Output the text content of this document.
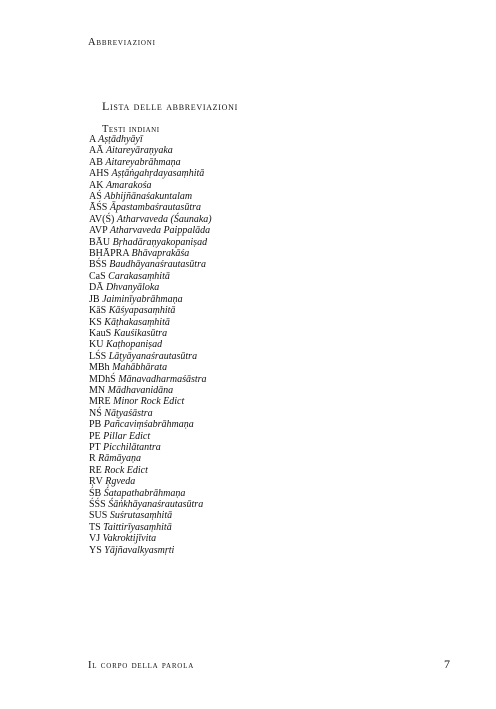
Abbreviazioni
Lista delle abbreviazioni
Testi indiani
A Aṣṭādhyāyī
AĀ Aitareyāraṇyaka
AB Aitareyabrāhmaṇa
AHS Aṣṭāṅgahṛdayasaṃhitā
AK Amarakośa
AŚ Abhijñānaśakuntalam
ĀŚS Āpastambaśrautasūtra
AV(Ś) Atharvaveda (Śaunaka)
AVP Atharvaveda Paippalāda
BĀU Bṛhadāraṇyakopaniṣad
BHĀPRA Bhāvaprakāśa
BŚS Baudhāyanaśrautasūtra
CaS Carakasaṃhitā
DĀ Dhvanyāloka
JB Jaiminīyabrāhmaṇa
KāS Kāśyapasaṃhitā
KS Kāṭhakasaṃhitā
KauS Kauśikasūtra
KU Kaṭhopaniṣad
LŚS Lāṭyāyanaśrautasūtra
MBh Mahābhārata
MDhŚ Mānavadharmaśāstra
MN Mādhavanidāna
MRE Minor Rock Edict
NŚ Nāṭyaśāstra
PB Pañcaviṃśabrāhmaṇa
PE Pillar Edict
PT Picchilātantra
R Rāmāyaṇa
RE Rock Edict
ṚV Ṛgveda
ŚB Śatapathabrāhmaṇa
ŚŚS Śāṅkhāyanaśrautasūtra
SUS Suśrutasaṃhitā
TS Taittirīyasaṃhitā
VJ Vakroktijīvita
YS Yājñavalkyasmṛti
Il corpo della parola	7
